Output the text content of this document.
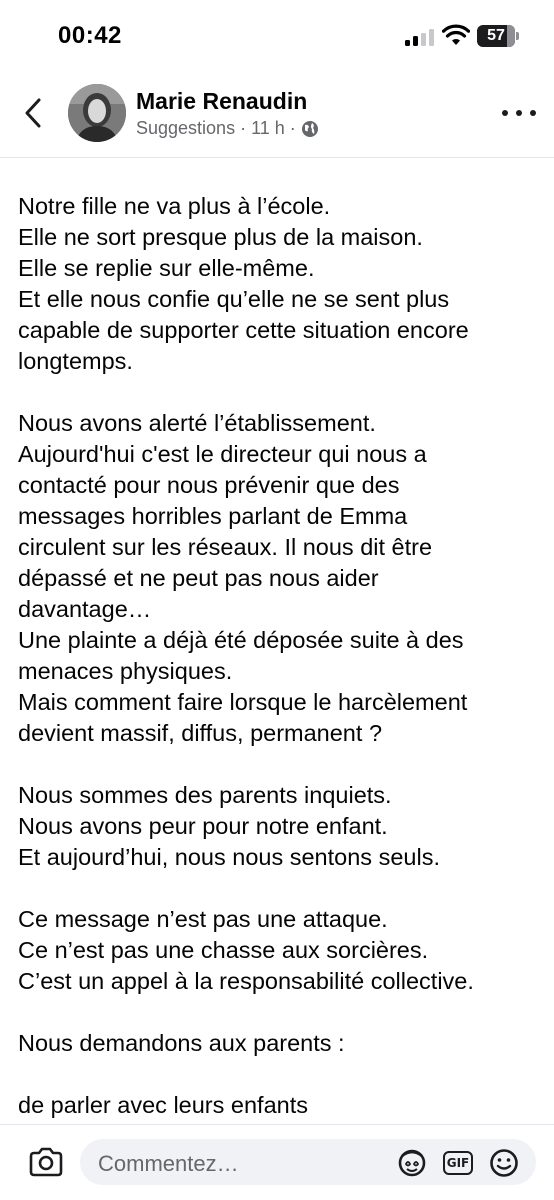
00:42	57
Marie Renaudin
Suggestions · 11 h ·

Notre fille ne va plus à l’école.

Elle ne sort presque plus de la maison.

Elle se replie sur elle-même.

Et elle nous confie qu’elle ne se sent plus

capable de supporter cette situation encore

longtemps.

Nous avons alerté l’établissement.

Aujourd'hui c'est le directeur qui nous a

contacté pour nous prévenir que des

messages horribles parlant de Emma

circulent sur les réseaux. Il nous dit être

dépassé et ne peut pas nous aider

davantage…

Une plainte a déjà été déposée suite à des

menaces physiques.

Mais comment faire lorsque le harcèlement

devient massif, diffus, permanent ?

Nous sommes des parents inquiets.

Nous avons peur pour notre enfant.

Et aujourd’hui, nous nous sentons seuls.

Ce message n’est pas une attaque.

Ce n’est pas une chasse aux sorcières.

C’est un appel à la responsabilité collective.

Nous demandons aux parents :

de parler avec leurs enfants

Commentez…	GIF
